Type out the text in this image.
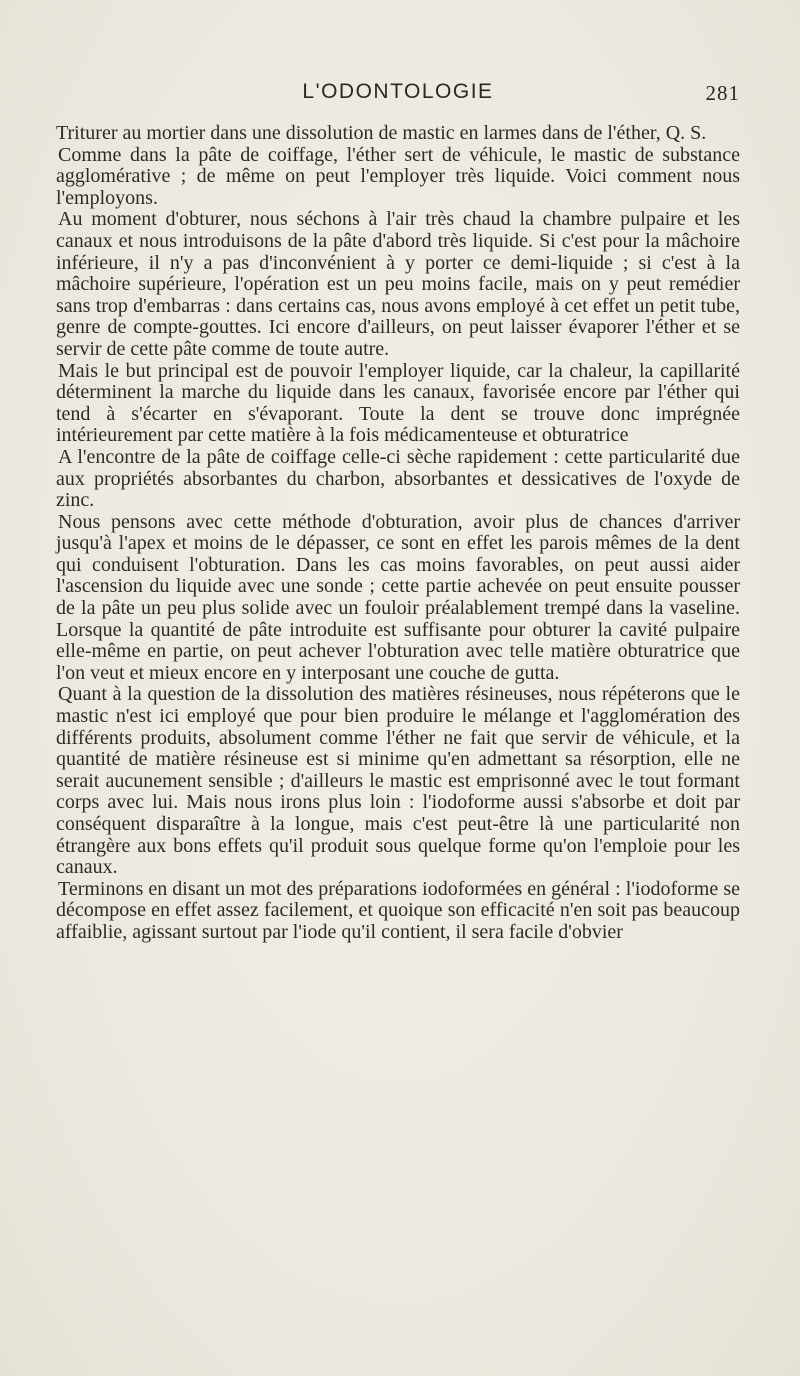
L'ODONTOLOGIE	281

Triturer au mortier dans une dissolution de mastic en larmes dans de l'éther, Q. S.

Comme dans la pâte de coiffage, l'éther sert de véhicule, le mastic de substance agglomérative ; de même on peut l'employer très liquide. Voici comment nous l'employons.

Au moment d'obturer, nous séchons à l'air très chaud la chambre pulpaire et les canaux et nous introduisons de la pâte d'abord très liquide. Si c'est pour la mâchoire inférieure, il n'y a pas d'inconvénient à y porter ce demi-liquide ; si c'est à la mâchoire supérieure, l'opération est un peu moins facile, mais on y peut remédier sans trop d'embarras : dans certains cas, nous avons employé à cet effet un petit tube, genre de compte-gouttes. Ici encore d'ailleurs, on peut laisser évaporer l'éther et se servir de cette pâte comme de toute autre.

Mais le but principal est de pouvoir l'employer liquide, car la chaleur, la capillarité déterminent la marche du liquide dans les canaux, favorisée encore par l'éther qui tend à s'écarter en s'évaporant. Toute la dent se trouve donc imprégnée intérieurement par cette matière à la fois médicamenteuse et obturatrice

A l'encontre de la pâte de coiffage celle-ci sèche rapidement : cette particularité due aux propriétés absorbantes du charbon, absorbantes et dessicatives de l'oxyde de zinc.

Nous pensons avec cette méthode d'obturation, avoir plus de chances d'arriver jusqu'à l'apex et moins de le dépasser, ce sont en effet les parois mêmes de la dent qui conduisent l'obturation. Dans les cas moins favorables, on peut aussi aider l'ascension du liquide avec une sonde ; cette partie achevée on peut ensuite pousser de la pâte un peu plus solide avec un fouloir préalablement trempé dans la vaseline. Lorsque la quantité de pâte introduite est suffisante pour obturer la cavité pulpaire elle-même en partie, on peut achever l'obturation avec telle matière obturatrice que l'on veut et mieux encore en y interposant une couche de gutta.

Quant à la question de la dissolution des matières résineuses, nous répéterons que le mastic n'est ici employé que pour bien produire le mélange et l'agglomération des différents produits, absolument comme l'éther ne fait que servir de véhicule, et la quantité de matière résineuse est si minime qu'en admettant sa résorption, elle ne serait aucunement sensible ; d'ailleurs le mastic est emprisonné avec le tout formant corps avec lui. Mais nous irons plus loin : l'iodoforme aussi s'absorbe et doit par conséquent disparaître à la longue, mais c'est peut-être là une particularité non étrangère aux bons effets qu'il produit sous quelque forme qu'on l'emploie pour les canaux.

Terminons en disant un mot des préparations iodoformées en général : l'iodoforme se décompose en effet assez facilement, et quoique son efficacité n'en soit pas beaucoup affaiblie, agissant surtout par l'iode qu'il contient, il sera facile d'obvier
